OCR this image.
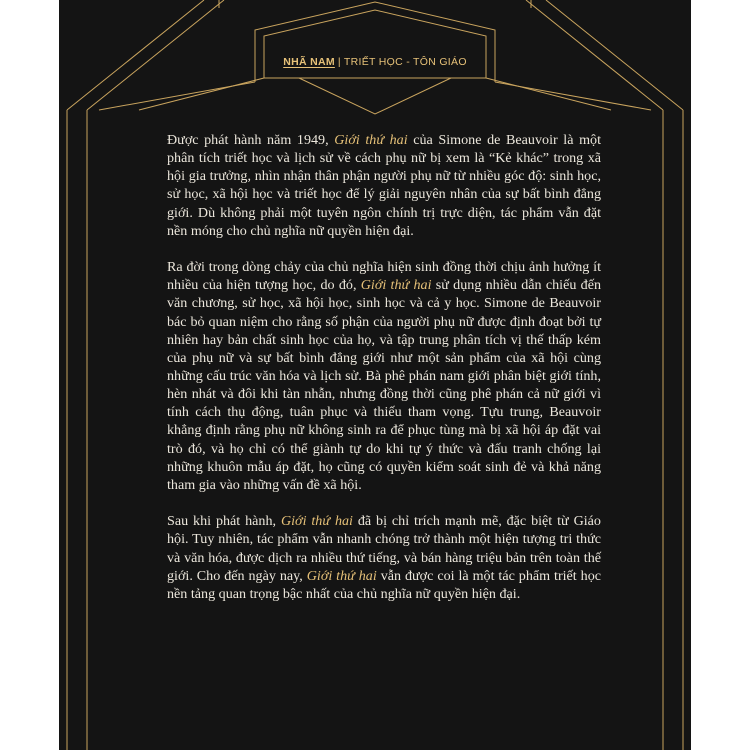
NHÃ NAM | TRIẾT HỌC - TÔN GIÁO

Được phát hành năm 1949, Giới thứ hai của Simone de Beauvoir là một phân tích triết học và lịch sử về cách phụ nữ bị xem là “Kẻ khác” trong xã hội gia trưởng, nhìn nhận thân phận người phụ nữ từ nhiều góc độ: sinh học, sử học, xã hội học và triết học để lý giải nguyên nhân của sự bất bình đẳng giới. Dù không phải một tuyên ngôn chính trị trực diện, tác phẩm vẫn đặt nền móng cho chủ nghĩa nữ quyền hiện đại.

Ra đời trong dòng chảy của chủ nghĩa hiện sinh đồng thời chịu ảnh hưởng ít nhiều của hiện tượng học, do đó, Giới thứ hai sử dụng nhiều dẫn chiếu đến văn chương, sử học, xã hội học, sinh học và cả y học. Simone de Beauvoir bác bỏ quan niệm cho rằng số phận của người phụ nữ được định đoạt bởi tự nhiên hay bản chất sinh học của họ, và tập trung phân tích vị thế thấp kém của phụ nữ và sự bất bình đẳng giới như một sản phẩm của xã hội cùng những cấu trúc văn hóa và lịch sử. Bà phê phán nam giới phân biệt giới tính, hèn nhát và đôi khi tàn nhẫn, nhưng đồng thời cũng phê phán cả nữ giới vì tính cách thụ động, tuân phục và thiếu tham vọng. Tựu trung, Beauvoir khẳng định rằng phụ nữ không sinh ra để phục tùng mà bị xã hội áp đặt vai trò đó, và họ chỉ có thể giành tự do khi tự ý thức và đấu tranh chống lại những khuôn mẫu áp đặt, họ cũng có quyền kiểm soát sinh đẻ và khả năng tham gia vào những vấn đề xã hội.

Sau khi phát hành, Giới thứ hai đã bị chỉ trích mạnh mẽ, đặc biệt từ Giáo hội. Tuy nhiên, tác phẩm vẫn nhanh chóng trở thành một hiện tượng tri thức và văn hóa, được dịch ra nhiều thứ tiếng, và bán hàng triệu bản trên toàn thế giới. Cho đến ngày nay, Giới thứ hai vẫn được coi là một tác phẩm triết học nền tảng quan trọng bậc nhất của chủ nghĩa nữ quyền hiện đại.
